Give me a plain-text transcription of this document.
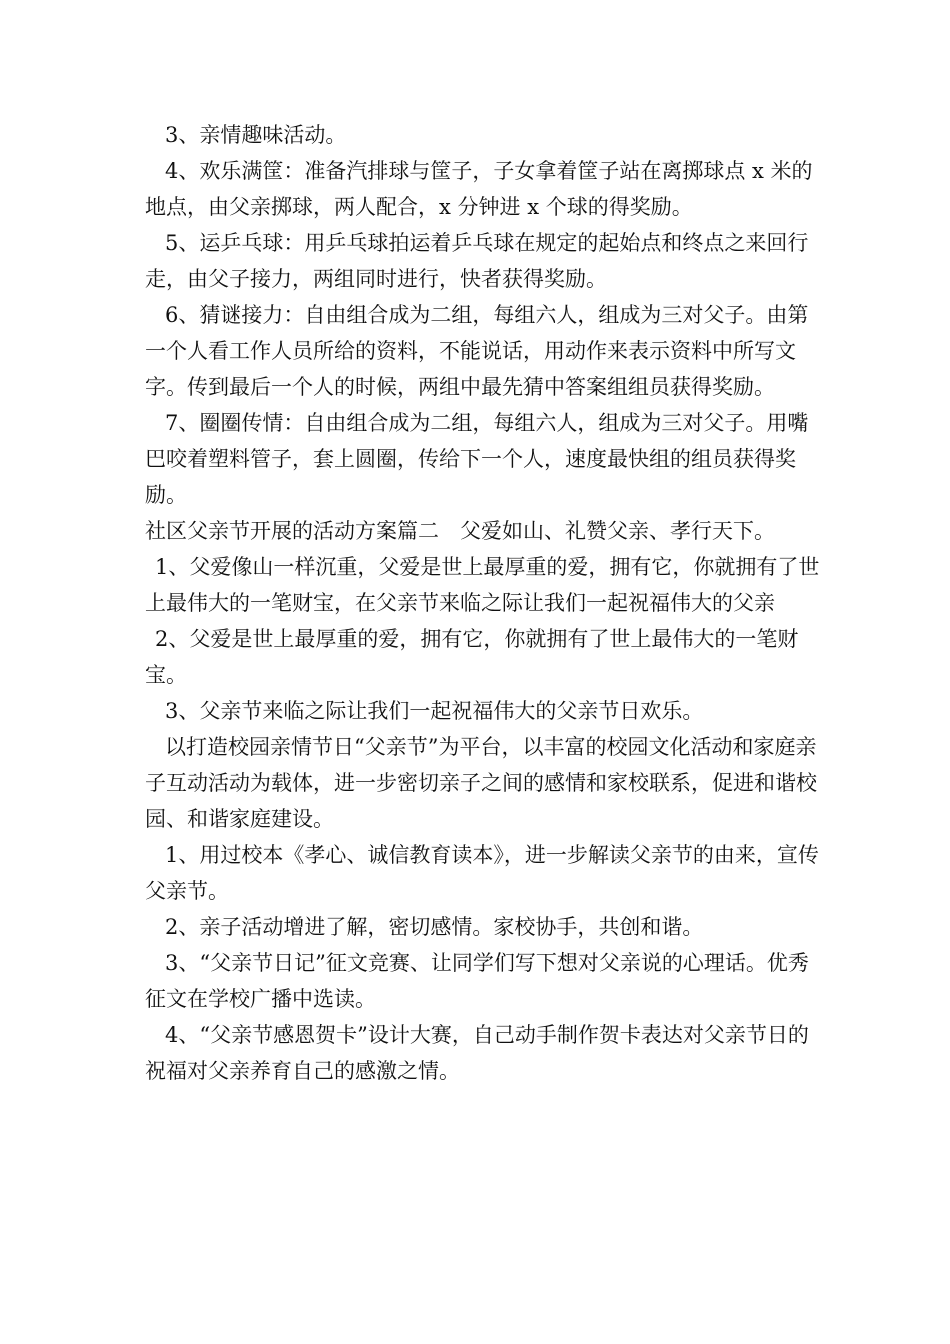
3、亲情趣味活动。

4、欢乐满筐：准备汽排球与筐子，子女拿着筐子站在离掷球点 x 米的地点，由父亲掷球，两人配合，x 分钟进 x 个球的得奖励。

5、运乒乓球：用乒乓球拍运着乒乓球在规定的起始点和终点之来回行走，由父子接力，两组同时进行，快者获得奖励。

6、猜谜接力：自由组合成为二组，每组六人，组成为三对父子。由第一个人看工作人员所给的资料，不能说话，用动作来表示资料中所写文字。传到最后一个人的时候，两组中最先猜中答案组组员获得奖励。

7、圈圈传情：自由组合成为二组，每组六人，组成为三对父子。用嘴巴咬着塑料管子，套上圆圈，传给下一个人，速度最快组的组员获得奖励。

社区父亲节开展的活动方案篇二　父爱如山、礼赞父亲、孝行天下。

1、父爱像山一样沉重，父爱是世上最厚重的爱，拥有它，你就拥有了世上最伟大的一笔财宝，在父亲节来临之际让我们一起祝福伟大的父亲

2、父爱是世上最厚重的爱，拥有它，你就拥有了世上最伟大的一笔财宝。

3、父亲节来临之际让我们一起祝福伟大的父亲节日欢乐。

以打造校园亲情节日“父亲节”为平台，以丰富的校园文化活动和家庭亲子互动活动为载体，进一步密切亲子之间的感情和家校联系，促进和谐校园、和谐家庭建设。

1、用过校本《孝心、诚信教育读本》，进一步解读父亲节的由来，宣传父亲节。

2、亲子活动增进了解，密切感情。家校协手，共创和谐。

3、“父亲节日记”征文竞赛、让同学们写下想对父亲说的心理话。优秀征文在学校广播中选读。

4、“父亲节感恩贺卡”设计大赛，自己动手制作贺卡表达对父亲节日的祝福对父亲养育自己的感激之情。
